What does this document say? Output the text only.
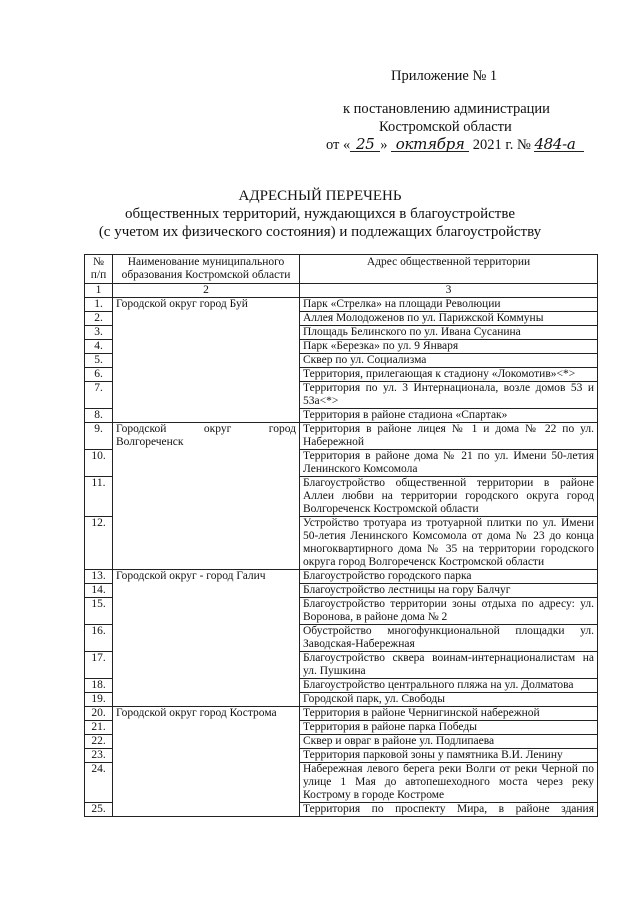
Приложение № 1
к постановлению администрации
Костромской области
от « 25 » октября 2021 г. № 484-а
АДРЕСНЫЙ ПЕРЕЧЕНЬ
общественных территорий, нуждающихся в благоустройстве
(с учетом их физического состояния) и подлежащих благоустройству
№ п/п	Наименование муниципального образования Костромской области	Адрес общественной территории
1	2	3
1.	Городской округ город Буй	Парк «Стрелка» на площади Революции
2.		Аллея Молодоженов по ул. Парижской Коммуны
3.		Площадь Белинского по ул. Ивана Сусанина
4.		Парк «Березка» по ул. 9 Января
5.		Сквер по ул. Социализма
6.		Территория, прилегающая к стадиону «Локомотив»<*>
7.		Территория по ул. 3 Интернационала, возле домов 53 и 53а<*>
8.		Территория в районе стадиона «Спартак»
9.	Городской округ город Волгореченск	Территория в районе лицея № 1 и дома № 22 по ул. Набережной
10.		Территория в районе дома № 21 по ул. Имени 50-летия Ленинского Комсомола
11.		Благоустройство общественной территории в районе Аллеи любви на территории городского округа город Волгореченск Костромской области
12.		Устройство тротуара из тротуарной плитки по ул. Имени 50-летия Ленинского Комсомола от дома № 23 до конца многоквартирного дома № 35 на территории городского округа город Волгореченск Костромской области
13.	Городской округ - город Галич	Благоустройство городского парка
14.		Благоустройство лестницы на гору Балчуг
15.		Благоустройство территории зоны отдыха по адресу: ул. Воронова, в районе дома № 2
16.		Обустройство многофункциональной площадки ул. Заводская-Набережная
17.		Благоустройство сквера воинам-интернационалистам на ул. Пушкина
18.		Благоустройство центрального пляжа на ул. Долматова
19.		Городской парк, ул. Свободы
20.	Городской округ город Кострома	Территория в районе Чернигинской набережной
21.		Территория в районе парка Победы
22.		Сквер и овраг в районе ул. Подлипаева
23.		Территория парковой зоны у памятника В.И. Ленину
24.		Набережная левого берега реки Волги от реки Черной по улице 1 Мая до автопешеходного моста через реку Кострому в городе Костроме
25.		Территория по проспекту Мира, в районе здания
